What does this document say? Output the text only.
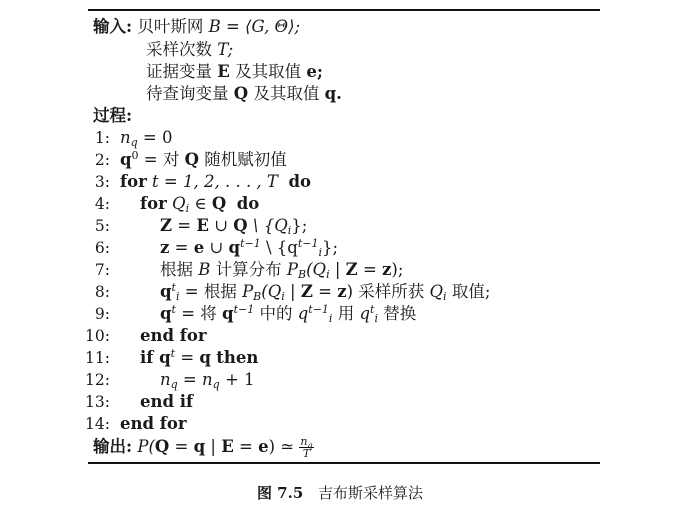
输入: 贝叶斯网 B = ⟨G, Θ⟩;
采样次数 T;
证据变量 E 及其取值 e;
待查询变量 Q 及其取值 q.
过程:
1: $n_q = 0$
2: $q^0$ = 对 Q 随机赋初值
3: for t = 1, 2, . . . , T do
4: for $Q_i$ ∈ Q do
5:	Z = E ∪ Q \ $\{Q_i\}$;
6:	z = e ∪ $q^{t-1}$ \ $\{q^{t-1}_i\}$;
7:	根据 B 计算分布 $P_B(Q_i$ | Z = z);
8:	$q^t_i$ = 根据 $P_B(Q_i$ | Z = z) 采样所获 $Q_i$ 取值;
9:	$q^t$ = 将 $q^{t-1}$ 中的 $q^{t-1}_i$ 用 $q^t_i$ 替换
10: end for
11: if $q^t = q$ then
12:	$n_q = n_q + 1$
13: end if
14: end for
输出: P(Q = q | E = e) ≃ $\frac{n_q}{T}$
图 7.5 吉布斯采样算法
